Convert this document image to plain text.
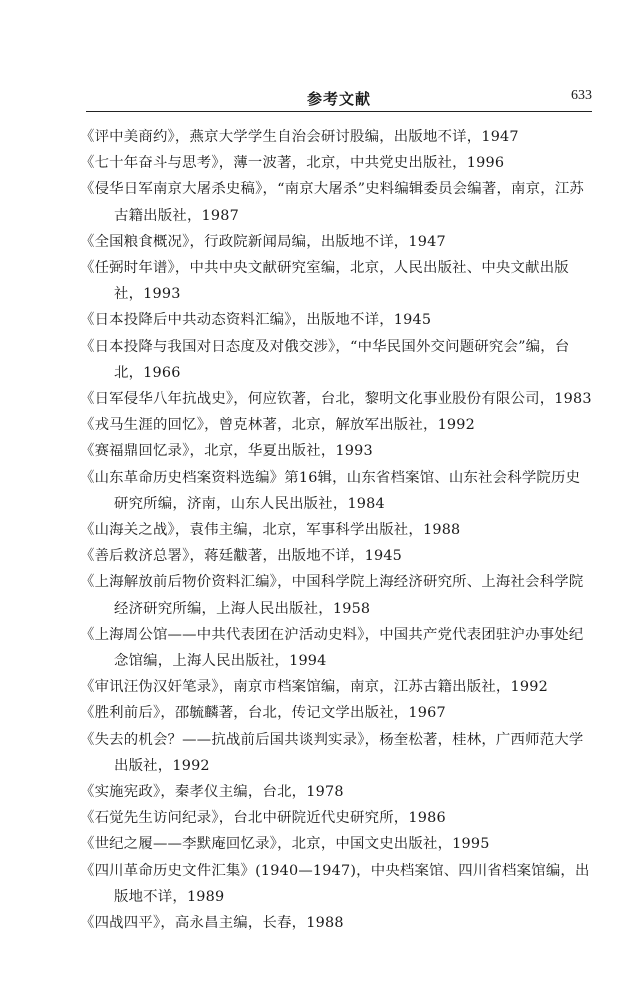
参考文献	633
《评中美商约》，燕京大学学生自治会研讨股编，出版地不详，1947
《七十年奋斗与思考》，薄一波著，北京，中共党史出版社，1996
《侵华日军南京大屠杀史稿》，“南京大屠杀”史料编辑委员会编著，南京，江苏古籍出版社，1987
《全国粮食概况》，行政院新闻局编，出版地不详，1947
《任弼时年谱》，中共中央文献研究室编，北京，人民出版社、中央文献出版社，1993
《日本投降后中共动态资料汇编》，出版地不详，1945
《日本投降与我国对日态度及对俄交涉》，“中华民国外交问题研究会”编，台北，1966
《日军侵华八年抗战史》，何应钦著，台北，黎明文化事业股份有限公司，1983
《戎马生涯的回忆》，曾克林著，北京，解放军出版社，1992
《赛福鼎回忆录》，北京，华夏出版社，1993
《山东革命历史档案资料选编》第16辑，山东省档案馆、山东社会科学院历史研究所编，济南，山东人民出版社，1984
《山海关之战》，袁伟主编，北京，军事科学出版社，1988
《善后救济总署》，蒋廷黻著，出版地不详，1945
《上海解放前后物价资料汇编》，中国科学院上海经济研究所、上海社会科学院经济研究所编，上海人民出版社，1958
《上海周公馆——中共代表团在沪活动史料》，中国共产党代表团驻沪办事处纪念馆编，上海人民出版社，1994
《审讯汪伪汉奸笔录》，南京市档案馆编，南京，江苏古籍出版社，1992
《胜利前后》，邵毓麟著，台北，传记文学出版社，1967
《失去的机会？——抗战前后国共谈判实录》，杨奎松著，桂林，广西师范大学出版社，1992
《实施宪政》，秦孝仪主编，台北，1978
《石觉先生访问纪录》，台北中研院近代史研究所，1986
《世纪之履——李默庵回忆录》，北京，中国文史出版社，1995
《四川革命历史文件汇集》(1940—1947)，中央档案馆、四川省档案馆编，出版地不详，1989
《四战四平》，高永昌主编，长春，1988
